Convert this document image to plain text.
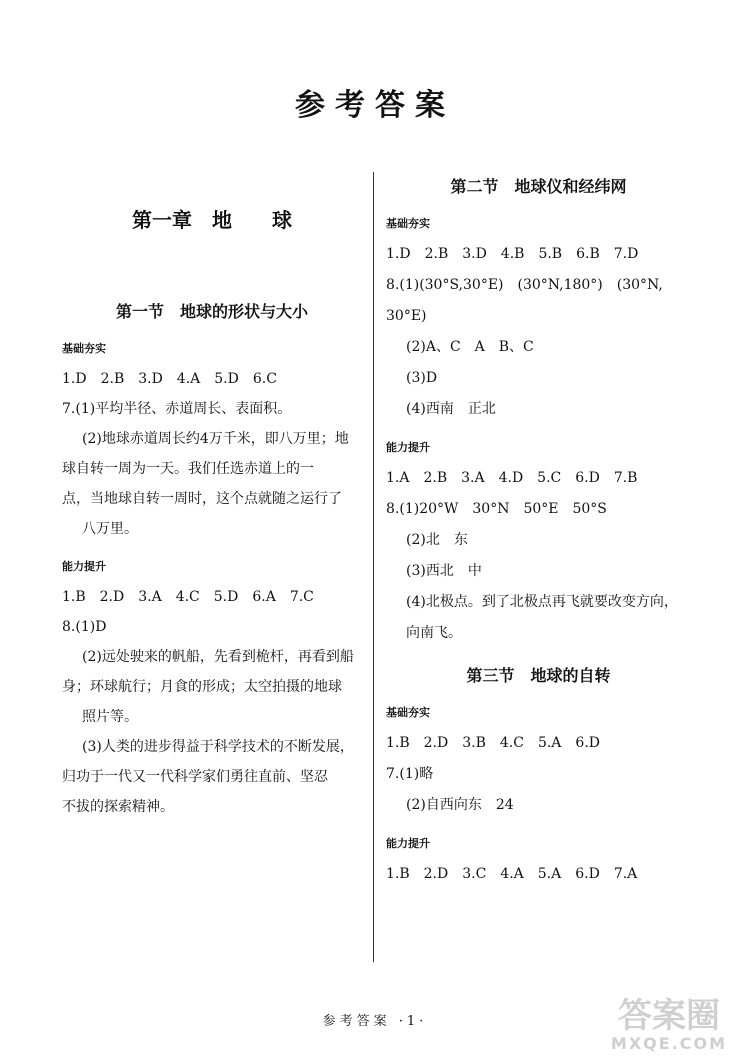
参考答案
第一章　地　　球
第一节　地球的形状与大小
基础夯实

1.D　2.B　3.D　4.A　5.D　6.C

7.(1)平均半径、赤道周长、表面积。

(2)地球赤道周长约4万千米，即八万里；地

球自转一周为一天。我们任选赤道上的一

点，当地球自转一周时，这个点就随之运行了

八万里。

能力提升

1.B　2.D　3.A　4.C　5.D　6.A　7.C

8.(1)D

(2)远处驶来的帆船，先看到桅杆，再看到船

身；环球航行；月食的形成；太空拍摄的地球

照片等。

(3)人类的进步得益于科学技术的不断发展，

归功于一代又一代科学家们勇往直前、坚忍

不拔的探索精神。

第二节　地球仪和经纬网
基础夯实

1.D　2.B　3.D　4.B　5.B　6.B　7.D

8.(1)(30°S,30°E)　(30°N,180°)　(30°N,

30°E)

(2)A、C　A　B、C

(3)D

(4)西南　正北

能力提升

1.A　2.B　3.A　4.D　5.C　6.D　7.B

8.(1)20°W　30°N　50°E　50°S

(2)北　东

(3)西北　中

(4)北极点。到了北极点再飞就要改变方向，

向南飞。

第三节　地球的自转
基础夯实

1.B　2.D　3.B　4.C　5.A　6.D

7.(1)略

(2)自西向东　24

能力提升

1.B　2.D　3.C　4.A　5.A　6.D　7.A

参考答案 ·1·	答案圈
MXQE.COM
